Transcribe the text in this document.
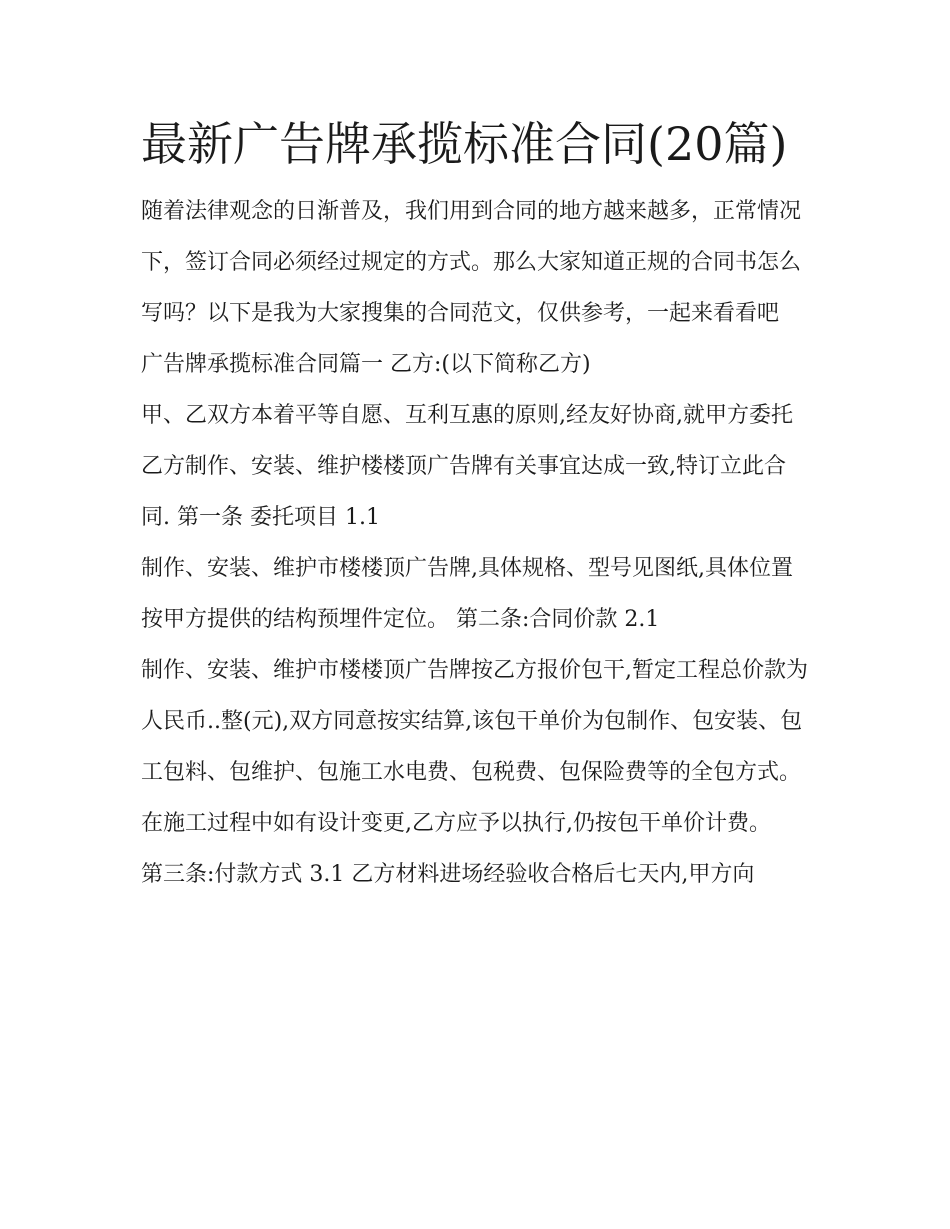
最新广告牌承揽标准合同(20篇)

随着法律观念的日渐普及，我们用到合同的地方越来越多，正常情况下，签订合同必须经过规定的方式。那么大家知道正规的合同书怎么写吗？以下是我为大家搜集的合同范文，仅供参考，一起来看看吧

广告牌承揽标准合同篇一 乙方:(以下简称乙方)

甲、乙双方本着平等自愿、互利互惠的原则,经友好协商,就甲方委托乙方制作、安装、维护楼楼顶广告牌有关事宜达成一致,特订立此合同. 第一条 委托项目 1.1

制作、安装、维护市楼楼顶广告牌,具体规格、型号见图纸,具体位置按甲方提供的结构预埋件定位。 第二条:合同价款 2.1

制作、安装、维护市楼楼顶广告牌按乙方报价包干,暂定工程总价款为人民币..整(元),双方同意按实结算,该包干单价为包制作、包安装、包工包料、包维护、包施工水电费、包税费、包保险费等的全包方式。在施工过程中如有设计变更,乙方应予以执行,仍按包干单价计费。

第三条:付款方式 3.1 乙方材料进场经验收合格后七天内,甲方向
